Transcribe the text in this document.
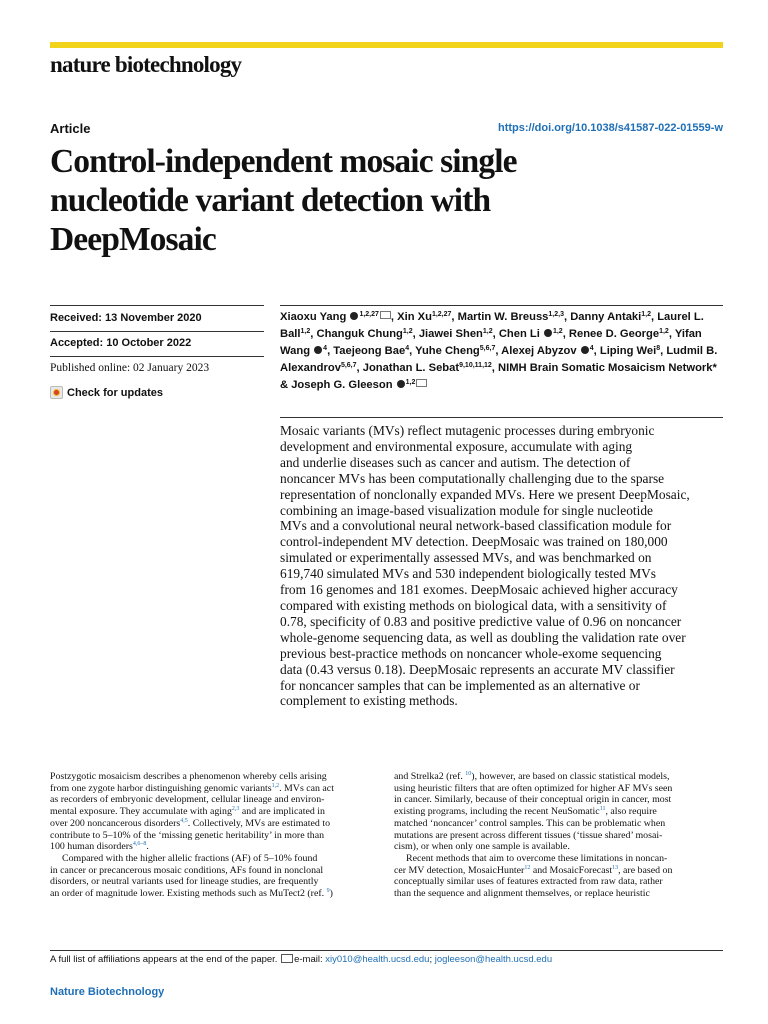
nature biotechnology
Article	https://doi.org/10.1038/s41587-022-01559-w
Control-independent mosaic single
nucleotide variant detection with
DeepMosaic
Received: 13 November 2020
Accepted: 10 October 2022
Published online: 02 January 2023
Check for updates
Xiaoxu Yang $^{1,2,27}$ , Xin Xu$^{1,2,27}$, Martin W. Breuss$^{1,2,3}$, Danny Antaki$^{1,2}$, Laurel L. Ball$^{1,2}$, Changuk Chung$^{1,2}$, Jiawei Shen$^{1,2}$, Chen Li $^{1,2}$, Renee D. George$^{1,2}$, Yifan Wang $^4$, Taejeong Bae$^4$, Yuhe Cheng$^{5,6,7}$, Alexej Abyzov $^4$, Liping Wei$^8$, Ludmil B. Alexandrov$^{5,6,7}$, Jonathan L. Sebat$^{9,10,11,12}$, NIMH Brain Somatic Mosaicism Network* & Joseph G. Gleeson $^{1,2}$
Mosaic variants (MVs) reflect mutagenic processes during embryonic
development and environmental exposure, accumulate with aging
and underlie diseases such as cancer and autism. The detection of
noncancer MVs has been computationally challenging due to the sparse
representation of nonclonally expanded MVs. Here we present DeepMosaic,
combining an image-based visualization module for single nucleotide
MVs and a convolutional neural network-based classification module for
control-independent MV detection. DeepMosaic was trained on 180,000
simulated or experimentally assessed MVs, and was benchmarked on
619,740 simulated MVs and 530 independent biologically tested MVs
from 16 genomes and 181 exomes. DeepMosaic achieved higher accuracy
compared with existing methods on biological data, with a sensitivity of
0.78, specificity of 0.83 and positive predictive value of 0.96 on noncancer
whole-genome sequencing data, as well as doubling the validation rate over
previous best-practice methods on noncancer whole-exome sequencing
data (0.43 versus 0.18). DeepMosaic represents an accurate MV classifier
for noncancer samples that can be implemented as an alternative or
complement to existing methods.
Postzygotic mosaicism describes a phenomenon whereby cells arising
from one zygote harbor distinguishing genomic variants$^{1,2}$. MVs can act
as recorders of embryonic development, cellular lineage and environ-
mental exposure. They accumulate with aging$^{2,3}$ and are implicated in
over 200 noncancerous disorders$^{4,5}$. Collectively, MVs are estimated to
contribute to 5–10% of the ‘missing genetic heritability’ in more than
100 human disorders$^{4,6-8}$.
Compared with the higher allelic fractions (AF) of 5–10% found
in cancer or precancerous mosaic conditions, AFs found in nonclonal
disorders, or neutral variants used for lineage studies, are frequently
an order of magnitude lower. Existing methods such as MuTect2 (ref. $^9$)
and Strelka2 (ref. $^{10}$), however, are based on classic statistical models,
using heuristic filters that are often optimized for higher AF MVs seen
in cancer. Similarly, because of their conceptual origin in cancer, most
existing programs, including the recent NeuSomatic$^{11}$, also require
matched ‘noncancer’ control samples. This can be problematic when
mutations are present across different tissues (‘tissue shared’ mosai-
cism), or when only one sample is available.
Recent methods that aim to overcome these limitations in noncan-
cer MV detection, MosaicHunter$^{12}$ and MosaicForecast$^{13}$, are based on
conceptually similar uses of features extracted from raw data, rather
than the sequence and alignment themselves, or replace heuristic
A full list of affiliations appears at the end of the paper. e-mail: xiy010@health.ucsd.edu; jogleeson@health.ucsd.edu
Nature Biotechnology
